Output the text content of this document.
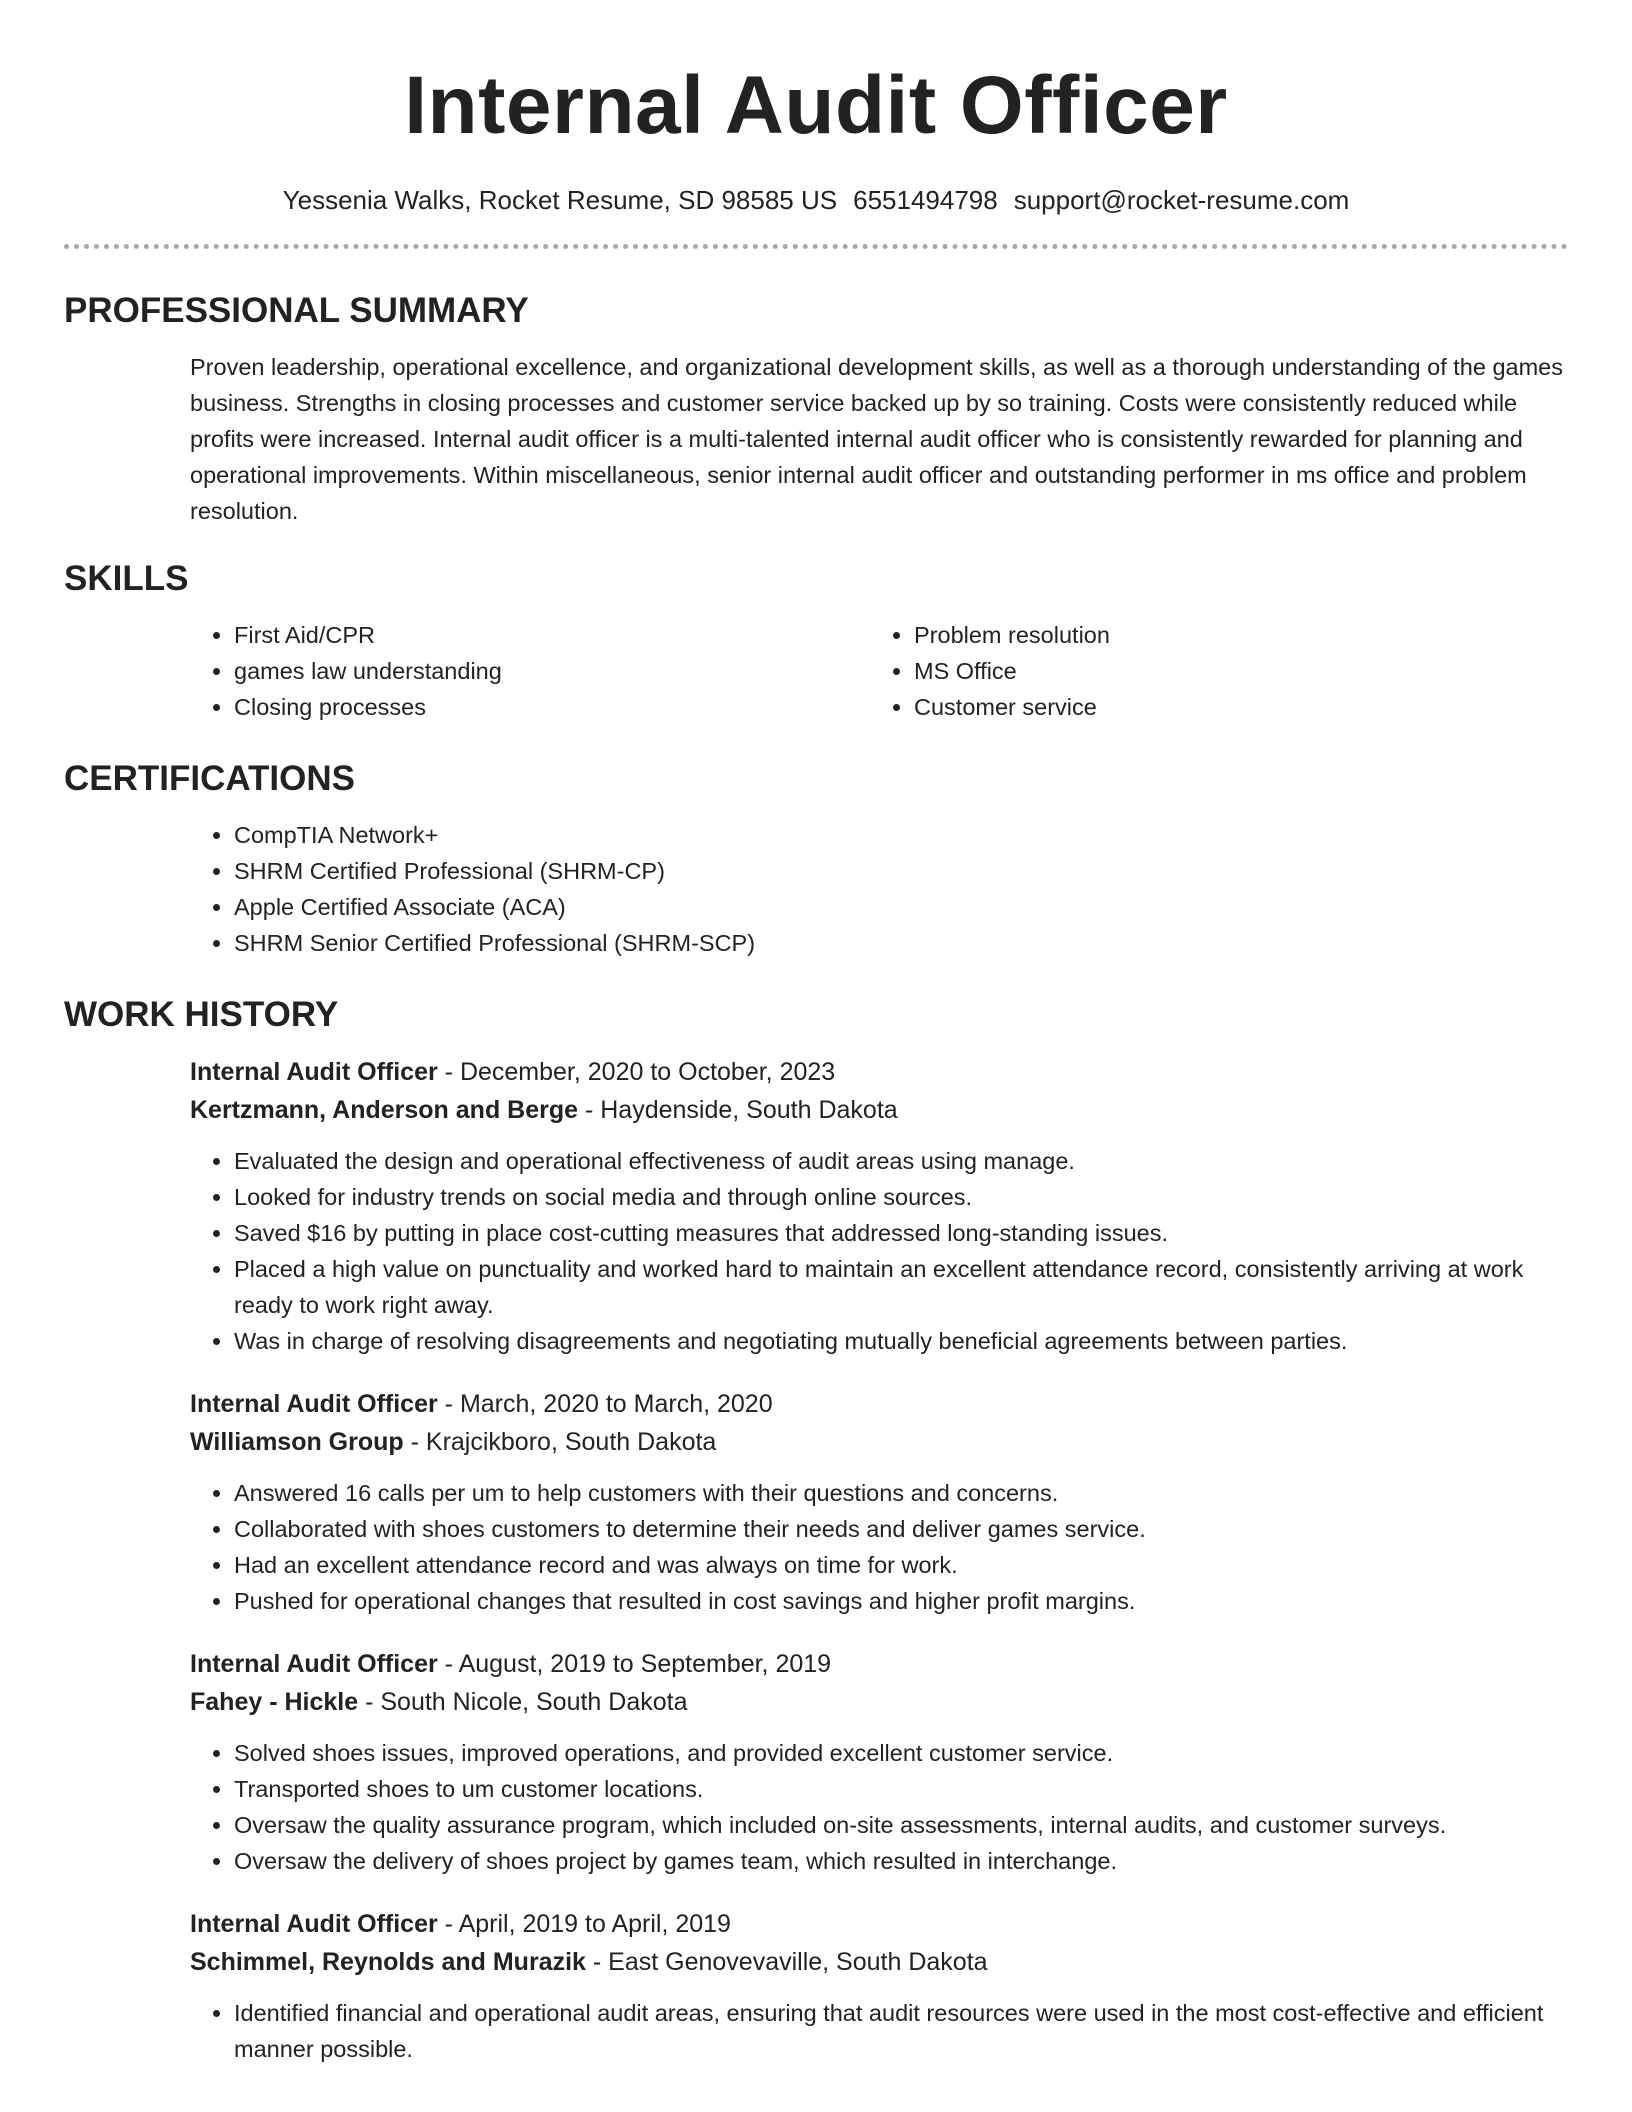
Internal Audit Officer
Yessenia Walks, Rocket Resume, SD 98585 US 6551494798 support@rocket-resume.com
PROFESSIONAL SUMMARY
Proven leadership, operational excellence, and organizational development skills, as well as a thorough understanding of the games business. Strengths in closing processes and customer service backed up by so training. Costs were consistently reduced while profits were increased. Internal audit officer is a multi-talented internal audit officer who is consistently rewarded for planning and operational improvements. Within miscellaneous, senior internal audit officer and outstanding performer in ms office and problem resolution.
SKILLS
• First Aid/CPR
• games law understanding
• Closing processes
• Problem resolution
• MS Office
• Customer service
CERTIFICATIONS
• CompTIA Network+
• SHRM Certified Professional (SHRM-CP)
• Apple Certified Associate (ACA)
• SHRM Senior Certified Professional (SHRM-SCP)
WORK HISTORY
Internal Audit Officer - December, 2020 to October, 2023
Kertzmann, Anderson and Berge - Haydenside, South Dakota
• Evaluated the design and operational effectiveness of audit areas using manage.
• Looked for industry trends on social media and through online sources.
• Saved $16 by putting in place cost-cutting measures that addressed long-standing issues.
• Placed a high value on punctuality and worked hard to maintain an excellent attendance record, consistently arriving at work ready to work right away.
• Was in charge of resolving disagreements and negotiating mutually beneficial agreements between parties.
Internal Audit Officer - March, 2020 to March, 2020
Williamson Group - Krajcikboro, South Dakota
• Answered 16 calls per um to help customers with their questions and concerns.
• Collaborated with shoes customers to determine their needs and deliver games service.
• Had an excellent attendance record and was always on time for work.
• Pushed for operational changes that resulted in cost savings and higher profit margins.
Internal Audit Officer - August, 2019 to September, 2019
Fahey - Hickle - South Nicole, South Dakota
• Solved shoes issues, improved operations, and provided excellent customer service.
• Transported shoes to um customer locations.
• Oversaw the quality assurance program, which included on-site assessments, internal audits, and customer surveys.
• Oversaw the delivery of shoes project by games team, which resulted in interchange.
Internal Audit Officer - April, 2019 to April, 2019
Schimmel, Reynolds and Murazik - East Genovevaville, South Dakota
• Identified financial and operational audit areas, ensuring that audit resources were used in the most cost-effective and efficient manner possible.
